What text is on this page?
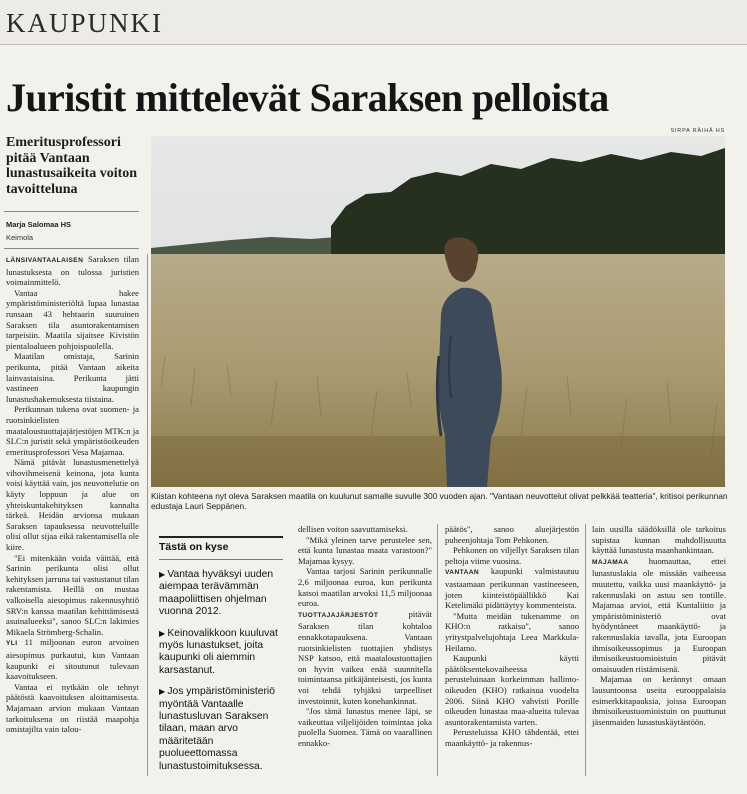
KAUPUNKI
Juristit mittelevät Saraksen pelloista
SIRPA RÄIHÄ HS
Emeritusprofessori pitää Vantaan lunastusaikeita voiton tavoitteluna
Marja Salomaa HS
Keimola

Kiistan kohteena nyt oleva Saraksen maatila on kuulunut samalle suvulle 300 vuoden ajan. "Vantaan neuvottelut olivat pelkkää teatteria", kritisoi perikunnan edustaja Lauri Seppänen.

LÄNSIVANTAALAISEN Saraksen tilan lunastuksesta on tulossa juristien voimainmittelö.

Vantaa hakee ympäristöministeriöltä lupaa lunastaa runsaan 43 hehtaarin suuruinen Saraksen tila asuntorakentamisen tarpeisiin. Maatila sijaitsee Kivistön pientaloalueen pohjoispuolella.

Maatilan omistaja, Sarinin perikunta, pitää Vantaan aikeita lainvastaisina. Perikunta jätti vastineen kaupungin lunastushakemuksesta tiistaina.

Perikunnan tukena ovat suomen- ja ruotsinkielisten maataloustuottajajärjestöjen MTK:n ja SLC:n juristit sekä ympäristöoikeuden emeritusprofessori Vesa Majamaa.

Nämä pitävät lunastusmenettelyä vihovihmeisenä keinona, jota kunta voisi käyttää vain, jos neuvottelutie on käyty loppuun ja alue on yhteiskuntakehityksen kannalta tärkeä. Heidän arvionsa mukaan Saraksen tapauksessa neuvotteluille olisi ollut sijaa eikä rakentamisella ole kiire.

"Ei mitenkään voida väittää, että Sarinin perikunta olisi ollut kehityksen jarruna tai vastustanut tilan rakentamista. Heillä on mustaa valkoisella aiesopimus rakennusyhtiö SRV:n kanssa maatilan kehittämisestä asuinalueeksi", sanoo SLC:n lakimies Mikaela Strömberg-Schalin.

YLI 11 miljoonan euron arvoinen aiesopimus purkautui, kun Vantaan kaupunki ei sitoutunut tulevaan kaavoitukseen.

Vantaa ei nytkään ole tehnyt päätöstä kaavoituksen aloittamisesta. Majamaan arvion mukaan Vantaan tarkoituksena on riistää maapohja omistajilta vain talou-

Tästä on kyse
▶ Vantaa hyväksyi uuden aiempaa terävämmän maapoliittisen ohjelman vuonna 2012.
▶ Keinovalikkoon kuuluvat myös lunastukset, joita kaupunki oli aiemmin karsastanut.
▶ Jos ympäristöministeriö myöntää Vantaalle lunastusluvan Saraksen tilaan, maan arvo määritetään puolueettomassa lunastustoimituksessa.

dellisen voiton saavuttamiseksi.

"Mikä yleinen tarve perustelee sen, että kunta lunastaa maata varastoon?" Majamaa kysyy.

Vantaa tarjosi Sarinin perikunnalle 2,6 miljoonaa euroa, kun perikunta katsoi maatilan arvoksi 11,5 miljoonaa euroa.

TUOTTAJAJÄRJESTÖT pitävät Saraksen tilan kohtaloa ennakkotapauksena. Vantaan ruotsinkielisten tuottajien yhdistys NSP katsoo, että maataloustuottajien on hyvin vaikea enää suunnitella toimintaansa pitkäjänteisesti, jos kunta voi tehdä tyhjäksi tarpeelliset investoinnit, kuten konehankinnat.

"Jos tämä lunastus menee läpi, se vaikeuttaa viljelijöiden toimintaa joka puolella Suomea. Tämä on vaarallinen ennakko-

päätös", sanoo aluejärjestön puheenjohtaja Tom Pehkonen.

Pehkonen on viljellyt Saraksen tilan peltoja viime vuosina.

VANTAAN kaupunki valmistautuu vastaamaan perikunnan vastineeseen, joten kiinteistöpäällikkö Kai Ketelimäki pidättäytyy kommenteista.

"Mutta meidän tukenamme on KHO:n ratkaisu", sanoo yritystpalvelujohtaja Leea Markkula-Heilamo.

Kaupunki käytti päätöksentekovaiheessa perusteluinaan korkeimman hallinto-oikeuden (KHO) ratkaisua vuodelta 2006. Siinä KHO vahvisti Porille oikeuden lunastaa maa-alueita tulevaa asuntorakentamista varten.

Perusteluissa KHO tähdentää, ettei maankäyttö- ja rakennus-

lain uusilla säädöksillä ole tarkoitus supistaa kunnan mahdollisuutta käyttää lunastusta maanhankintaan.

MAJAMAA huomauttaa, ettei lunastuslakia ole missään vaiheessa muutettu, vaikka uusi maankäyttö- ja rakennuslaki on astuu sen tontille. Majamaa arvioi, että Kuntaliitto ja ympäristöministeriö ovat hyödyntäneet maankäyttö- ja rakennuslakia tavalla, jota Euroopan ihmisoikeussopimus ja Euroopan ihmisoikeustuomioistuin pitävät omaisuuden riistämisenä.

Majamaa on kerännyt omaan lausuntoonsa useita eurooppalaisia esimerkkitapauksia, joissa Euroopan ihmisoikeustuomioistuin on puuttunut jäsenmaiden lunastuskäytäntöön.
